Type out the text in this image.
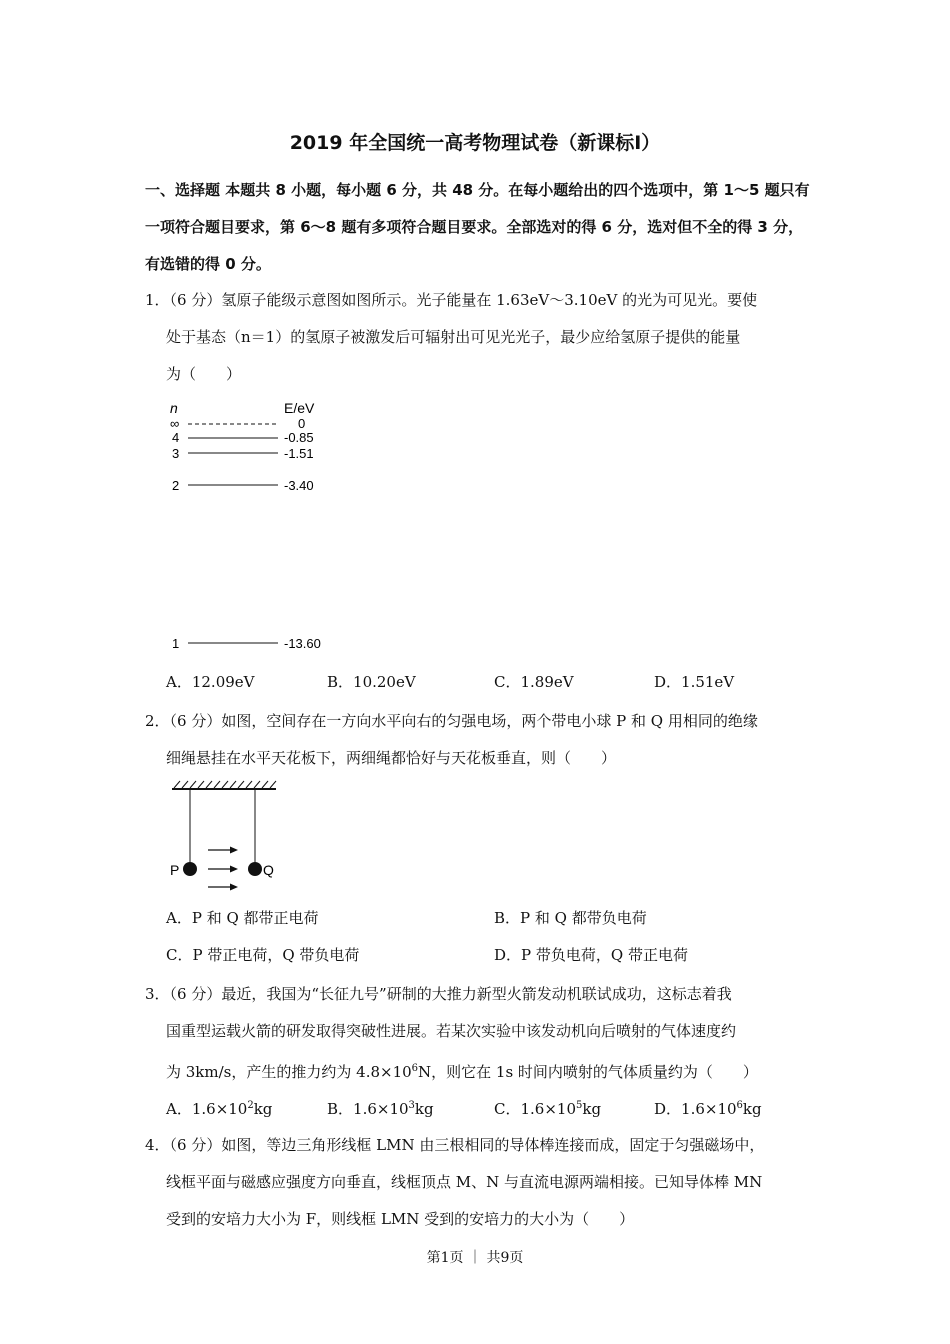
2019 年全国统一高考物理试卷（新课标Ⅰ）
一、选择题 本题共 8 小题，每小题 6 分，共 48 分。在每小题给出的四个选项中，第 1～5 题只有一项符合题目要求，第 6～8 题有多项符合题目要求。全部选对的得 6 分，选对但不全的得 3 分，有选错的得 0 分。
1．（6 分）氢原子能级示意图如图所示。光子能量在 1.63eV～3.10eV 的光为可见光。要使
处于基态（n＝1）的氢原子被激发后可辐射出可见光光子，最少应给氢原子提供的能量
为（　　）
n	E/eV
∞	0
4	-0.85
3	-1.51
2	-3.40
1	-13.60
A．12.09eV	B．10.20eV	C．1.89eV	D．1.51eV
2．（6 分）如图，空间存在一方向水平向右的匀强电场，两个带电小球 P 和 Q 用相同的绝缘
细绳悬挂在水平天花板下，两细绳都恰好与天花板垂直，则（　　）
P	Q
A．P 和 Q 都带正电荷	B．P 和 Q 都带负电荷
C．P 带正电荷，Q 带负电荷	D．P 带负电荷，Q 带正电荷
3．（6 分）最近，我国为“长征九号”研制的大推力新型火箭发动机联试成功，这标志着我
国重型运载火箭的研发取得突破性进展。若某次实验中该发动机向后喷射的气体速度约
为 3km/s，产生的推力约为 $4.8\times 10^6N$，则它在 1s 时间内喷射的气体质量约为（　　）
A．$1.6\times 10^2kg$	B．$1.6\times 10^3kg$	C．$1.6\times 10^5kg$	D．$1.6\times 10^6kg$
4．（6 分）如图，等边三角形线框 LMN 由三根相同的导体棒连接而成，固定于匀强磁场中，
线框平面与磁感应强度方向垂直，线框顶点 M、N 与直流电源两端相接。已知导体棒 MN
受到的安培力大小为 F，则线框 LMN 受到的安培力的大小为（　　）
第1页 ｜ 共9页
